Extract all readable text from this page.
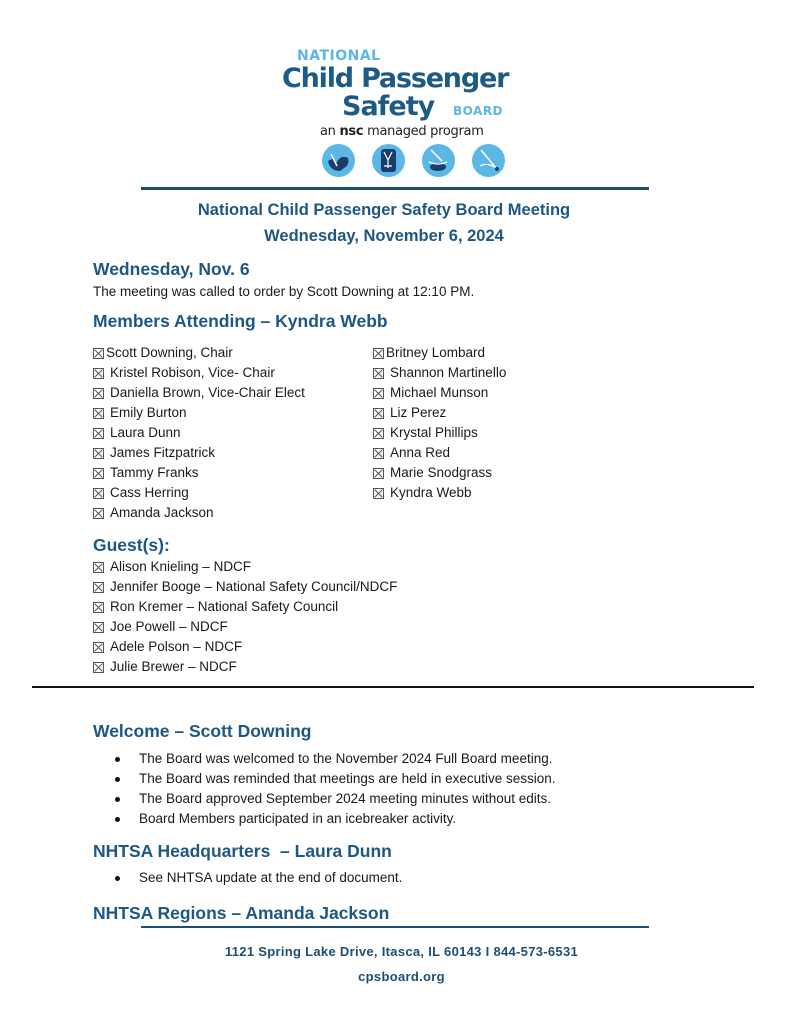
NATIONAL
Child Passenger
Safety BOARD
an nsc managed program
National Child Passenger Safety Board Meeting
Wednesday, November 6, 2024
Wednesday, Nov. 6
The meeting was called to order by Scott Downing at 12:10 PM.
Members Attending – Kyndra Webb
Scott Downing, Chair
Kristel Robison, Vice- Chair
Daniella Brown, Vice-Chair Elect
Emily Burton
Laura Dunn
James Fitzpatrick
Tammy Franks
Cass Herring
Amanda Jackson
Britney Lombard
Shannon Martinello
Michael Munson
Liz Perez
Krystal Phillips
Anna Red
Marie Snodgrass
Kyndra Webb
Guest(s):
Alison Knieling – NDCF
Jennifer Booge – National Safety Council/NDCF
Ron Kremer – National Safety Council
Joe Powell – NDCF
Adele Polson – NDCF
Julie Brewer – NDCF
Welcome – Scott Downing
The Board was welcomed to the November 2024 Full Board meeting.
The Board was reminded that meetings are held in executive session.
The Board approved September 2024 meeting minutes without edits.
Board Members participated in an icebreaker activity.
NHTSA Headquarters  – Laura Dunn
See NHTSA update at the end of document.
NHTSA Regions – Amanda Jackson
1121 Spring Lake Drive, Itasca, IL 60143 I 844-573-6531
cpsboard.org
